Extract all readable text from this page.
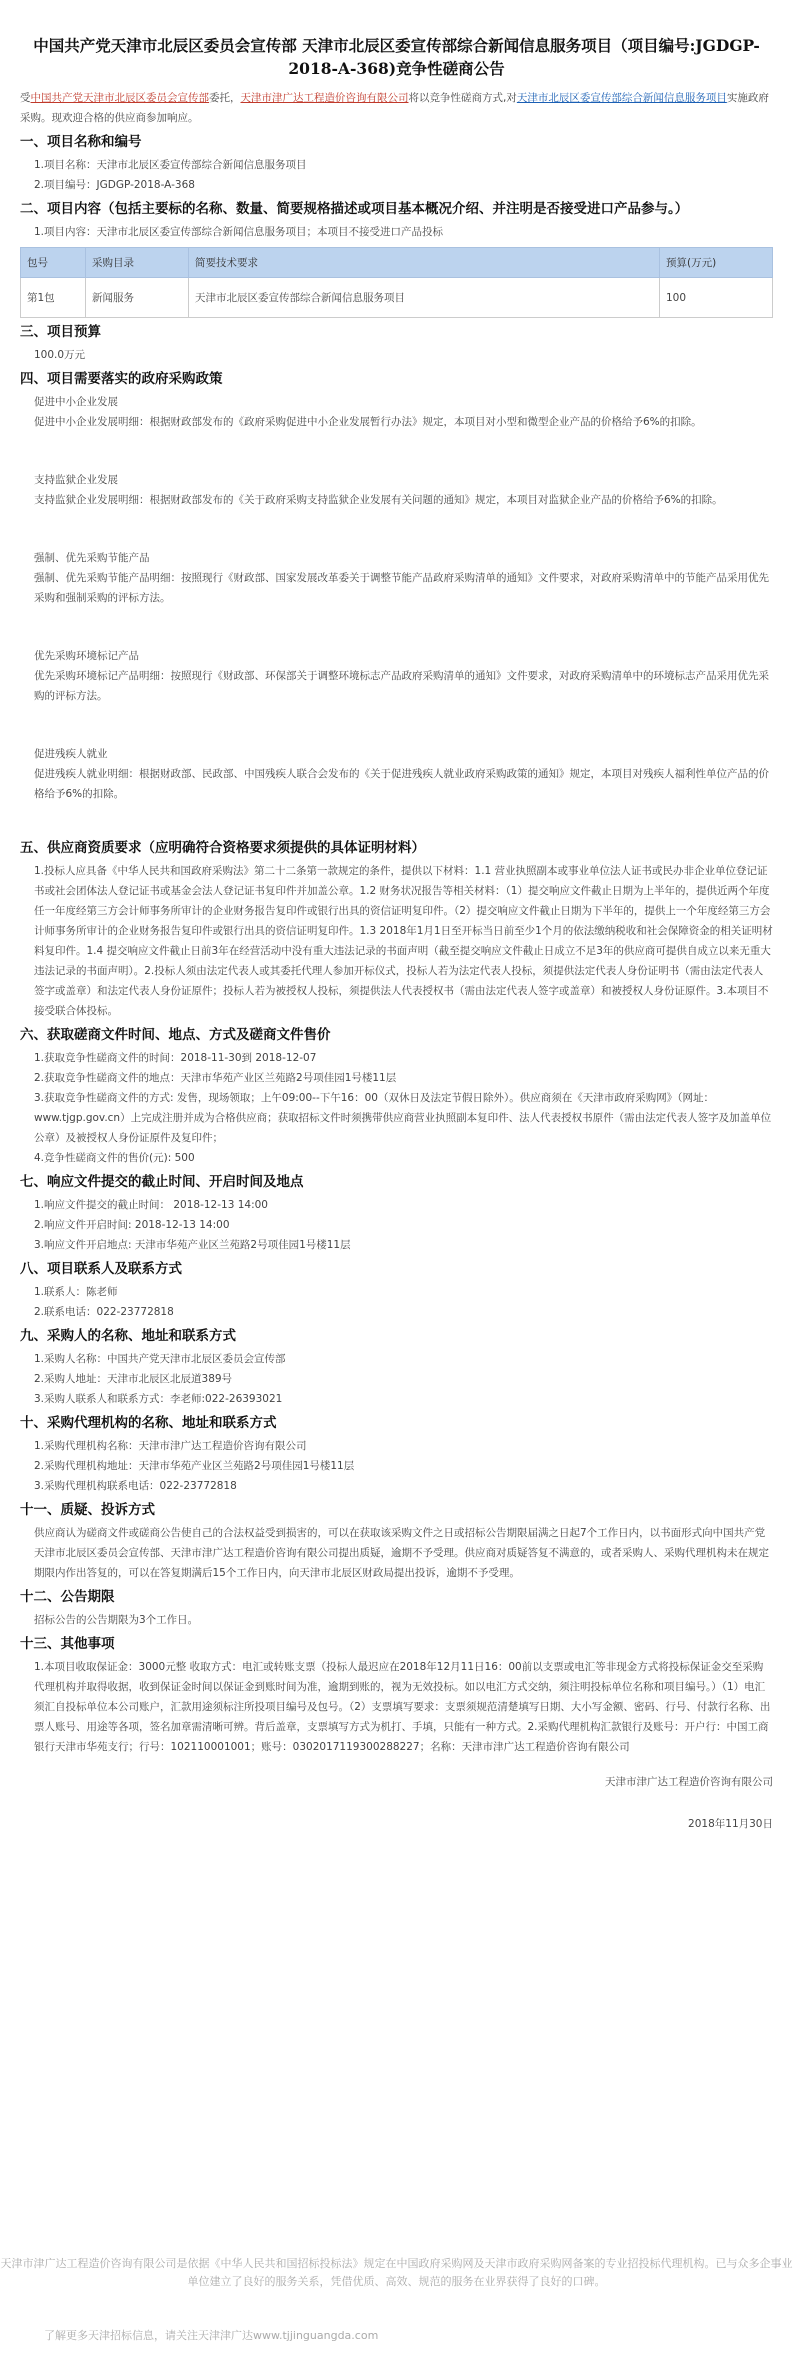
中国共产党天津市北辰区委员会宣传部 天津市北辰区委宣传部综合新闻信息服务项目（项目编号:JGDGP-2018-A-368)竞争性磋商公告

受中国共产党天津市北辰区委员会宣传部委托，天津市津广达工程造价咨询有限公司将以竞争性磋商方式,对天津市北辰区委宣传部综合新闻信息服务项目实施政府采购。现欢迎合格的供应商参加响应。

一、项目名称和编号

1.项目名称：天津市北辰区委宣传部综合新闻信息服务项目

2.项目编号：JGDGP-2018-A-368

二、项目内容（包括主要标的名称、数量、简要规格描述或项目基本概况介绍、并注明是否接受进口产品参与。）

1.项目内容：天津市北辰区委宣传部综合新闻信息服务项目；本项目不接受进口产品投标

包号	采购目录	简要技术要求	预算(万元)
第1包	新闻服务	天津市北辰区委宣传部综合新闻信息服务项目	100
三、项目预算

100.0万元

四、项目需要落实的政府采购政策

促进中小企业发展

促进中小企业发展明细：根据财政部发布的《政府采购促进中小企业发展暂行办法》规定，本项目对小型和微型企业产品的价格给予6%的扣除。

支持监狱企业发展

支持监狱企业发展明细：根据财政部发布的《关于政府采购支持监狱企业发展有关问题的通知》规定，本项目对监狱企业产品的价格给予6%的扣除。

强制、优先采购节能产品

强制、优先采购节能产品明细：按照现行《财政部、国家发展改革委关于调整节能产品政府采购清单的通知》文件要求，对政府采购清单中的节能产品采用优先采购和强制采购的评标方法。

优先采购环境标记产品

优先采购环境标记产品明细：按照现行《财政部、环保部关于调整环境标志产品政府采购清单的通知》文件要求，对政府采购清单中的环境标志产品采用优先采购的评标方法。

促进残疾人就业

促进残疾人就业明细：根据财政部、民政部、中国残疾人联合会发布的《关于促进残疾人就业政府采购政策的通知》规定，本项目对残疾人福利性单位产品的价格给予6%的扣除。

五、供应商资质要求（应明确符合资格要求须提供的具体证明材料）

1.投标人应具备《中华人民共和国政府采购法》第二十二条第一款规定的条件，提供以下材料：1.1 营业执照副本或事业单位法人证书或民办非企业单位登记证书或社会团体法人登记证书或基金会法人登记证书复印件并加盖公章。1.2 财务状况报告等相关材料：（1）提交响应文件截止日期为上半年的，提供近两个年度任一年度经第三方会计师事务所审计的企业财务报告复印件或银行出具的资信证明复印件。（2）提交响应文件截止日期为下半年的，提供上一个年度经第三方会计师事务所审计的企业财务报告复印件或银行出具的资信证明复印件。1.3 2018年1月1日至开标当日前至少1个月的依法缴纳税收和社会保障资金的相关证明材料复印件。1.4 提交响应文件截止日前3年在经营活动中没有重大违法记录的书面声明（截至提交响应文件截止日成立不足3年的供应商可提供自成立以来无重大违法记录的书面声明）。2.投标人须由法定代表人或其委托代理人参加开标仪式，投标人若为法定代表人投标，须提供法定代表人身份证明书（需由法定代表人签字或盖章）和法定代表人身份证原件；投标人若为被授权人投标，须提供法人代表授权书（需由法定代表人签字或盖章）和被授权人身份证原件。3.本项目不接受联合体投标。

六、获取磋商文件时间、地点、方式及磋商文件售价

1.获取竞争性磋商文件的时间：2018-11-30到 2018-12-07

2.获取竞争性磋商文件的地点：天津市华苑产业区兰苑路2号项佳园1号楼11层

3.获取竞争性磋商文件的方式: 发售，现场领取；上午09:00--下午16：00（双休日及法定节假日除外）。供应商须在《天津市政府采购网》（网址：www.tjgp.gov.cn）上完成注册并成为合格供应商；获取招标文件时须携带供应商营业执照副本复印件、法人代表授权书原件（需由法定代表人签字及加盖单位公章）及被授权人身份证原件及复印件；

4.竞争性磋商文件的售价(元): 500

七、响应文件提交的截止时间、开启时间及地点

1.响应文件提交的截止时间： 2018-12-13 14:00

2.响应文件开启时间: 2018-12-13 14:00

3.响应文件开启地点: 天津市华苑产业区兰苑路2号项佳园1号楼11层

八、项目联系人及联系方式

1.联系人：陈老师

2.联系电话：022-23772818

九、采购人的名称、地址和联系方式

1.采购人名称：中国共产党天津市北辰区委员会宣传部

2.采购人地址：天津市北辰区北辰道389号

3.采购人联系人和联系方式：李老师:022-26393021

十、采购代理机构的名称、地址和联系方式

1.采购代理机构名称：天津市津广达工程造价咨询有限公司

2.采购代理机构地址：天津市华苑产业区兰苑路2号项佳园1号楼11层

3.采购代理机构联系电话：022-23772818

十一、质疑、投诉方式

供应商认为磋商文件或磋商公告使自己的合法权益受到损害的，可以在获取该采购文件之日或招标公告期限届满之日起7个工作日内，以书面形式向中国共产党天津市北辰区委员会宣传部、天津市津广达工程造价咨询有限公司提出质疑，逾期不予受理。供应商对质疑答复不满意的，或者采购人、采购代理机构未在规定期限内作出答复的，可以在答复期满后15个工作日内，向天津市北辰区财政局提出投诉，逾期不予受理。

十二、公告期限

招标公告的公告期限为3个工作日。

十三、其他事项

1.本项目收取保证金：3000元整 收取方式：电汇或转账支票（投标人最迟应在2018年12月11日16：00前以支票或电汇等非现金方式将投标保证金交至采购代理机构并取得收据，收到保证金时间以保证金到账时间为准，逾期到账的，视为无效投标。如以电汇方式交纳，须注明投标单位名称和项目编号。）（1）电汇须汇自投标单位本公司账户，汇款用途须标注所投项目编号及包号。（2）支票填写要求：支票须规范清楚填写日期、大小写金额、密码、行号、付款行名称、出票人账号、用途等各项，签名加章需清晰可辨。背后盖章，支票填写方式为机打、手填，只能有一种方式。2.采购代理机构汇款银行及账号：开户行：中国工商银行天津市华苑支行；行号：102110001001；账号：0302017119300288227；名称：天津市津广达工程造价咨询有限公司

天津市津广达工程造价咨询有限公司
2018年11月30日
天津市津广达工程造价咨询有限公司是依据《中华人民共和国招标投标法》规定在中国政府采购网及天津市政府采购网备案的专业招投标代理机构。已与众多企事业单位建立了良好的服务关系，凭借优质、高效、规范的服务在业界获得了良好的口碑。
了解更多天津招标信息，请关注天津津广达www.tjjinguangda.com
